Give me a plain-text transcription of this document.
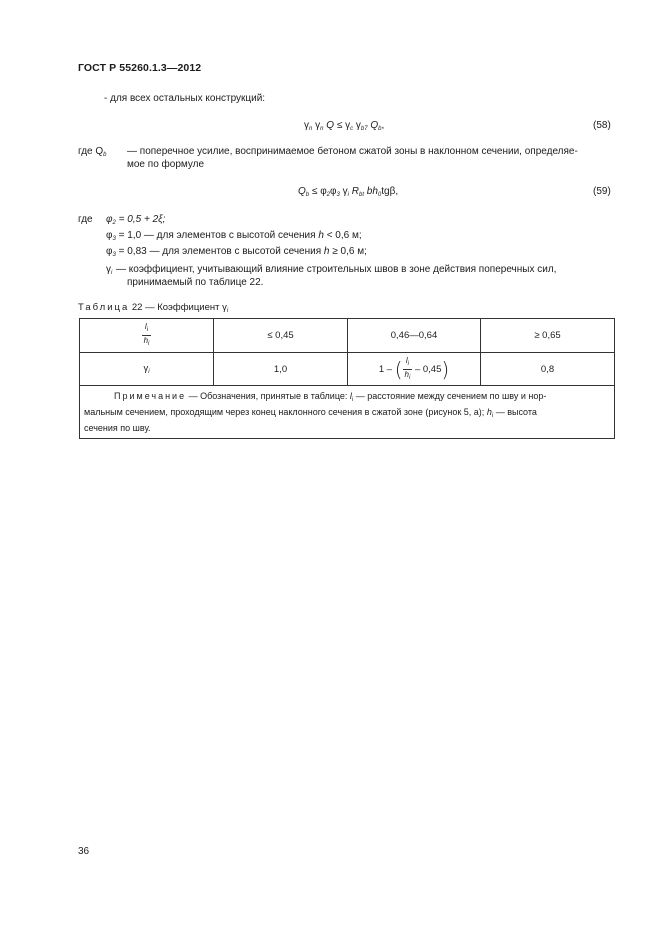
ГОСТ Р 55260.1.3—2012
- для всех остальных конструкций:
$\gamma_n$ $\gamma_n$ $Q \le \gamma_c$ $\gamma_{b7}$ $Q_b$,	(58)
где $Q_b$ — поперечное усилие, воспринимаемое бетоном сжатой зоны в наклонном сечении, определяе-
мое по формуле
$Q_b \le \varphi_2\varphi_3$ $\gamma_i$ $R_{bt}$ $bh_0tg\beta$,	(59)
где $\varphi_2 = 0,5 + 2\xi$;
$\varphi_3 = 1,0$ — для элементов с высотой сечения h < 0,6 м;
$\varphi_3 = 0,83$ — для элементов с высотой сечения h ≥ 0,6 м;
$\gamma_i$ — коэффициент, учитывающий влияние строительных швов в зоне действия поперечных сил,
принимаемый по таблице 22.
Таблица 22 — Коэффициент $\gamma_i$
$\frac{l_i}{h_i}$	≤ 0,45	0,46—0,64	≥ 0,65
$\gamma_i$	1,0	1 – ( $\frac{l_i}{h_i} - 0,45$)	0,8
Примечание — Обозначения, принятые в таблице: $l_i$ — расстояние между сечением по шву и нор-
мальным сечением, проходящим через конец наклонного сечения в сжатой зоне (рисунок 5, а); $h_i$ — высота
сечения по шву.			
36
